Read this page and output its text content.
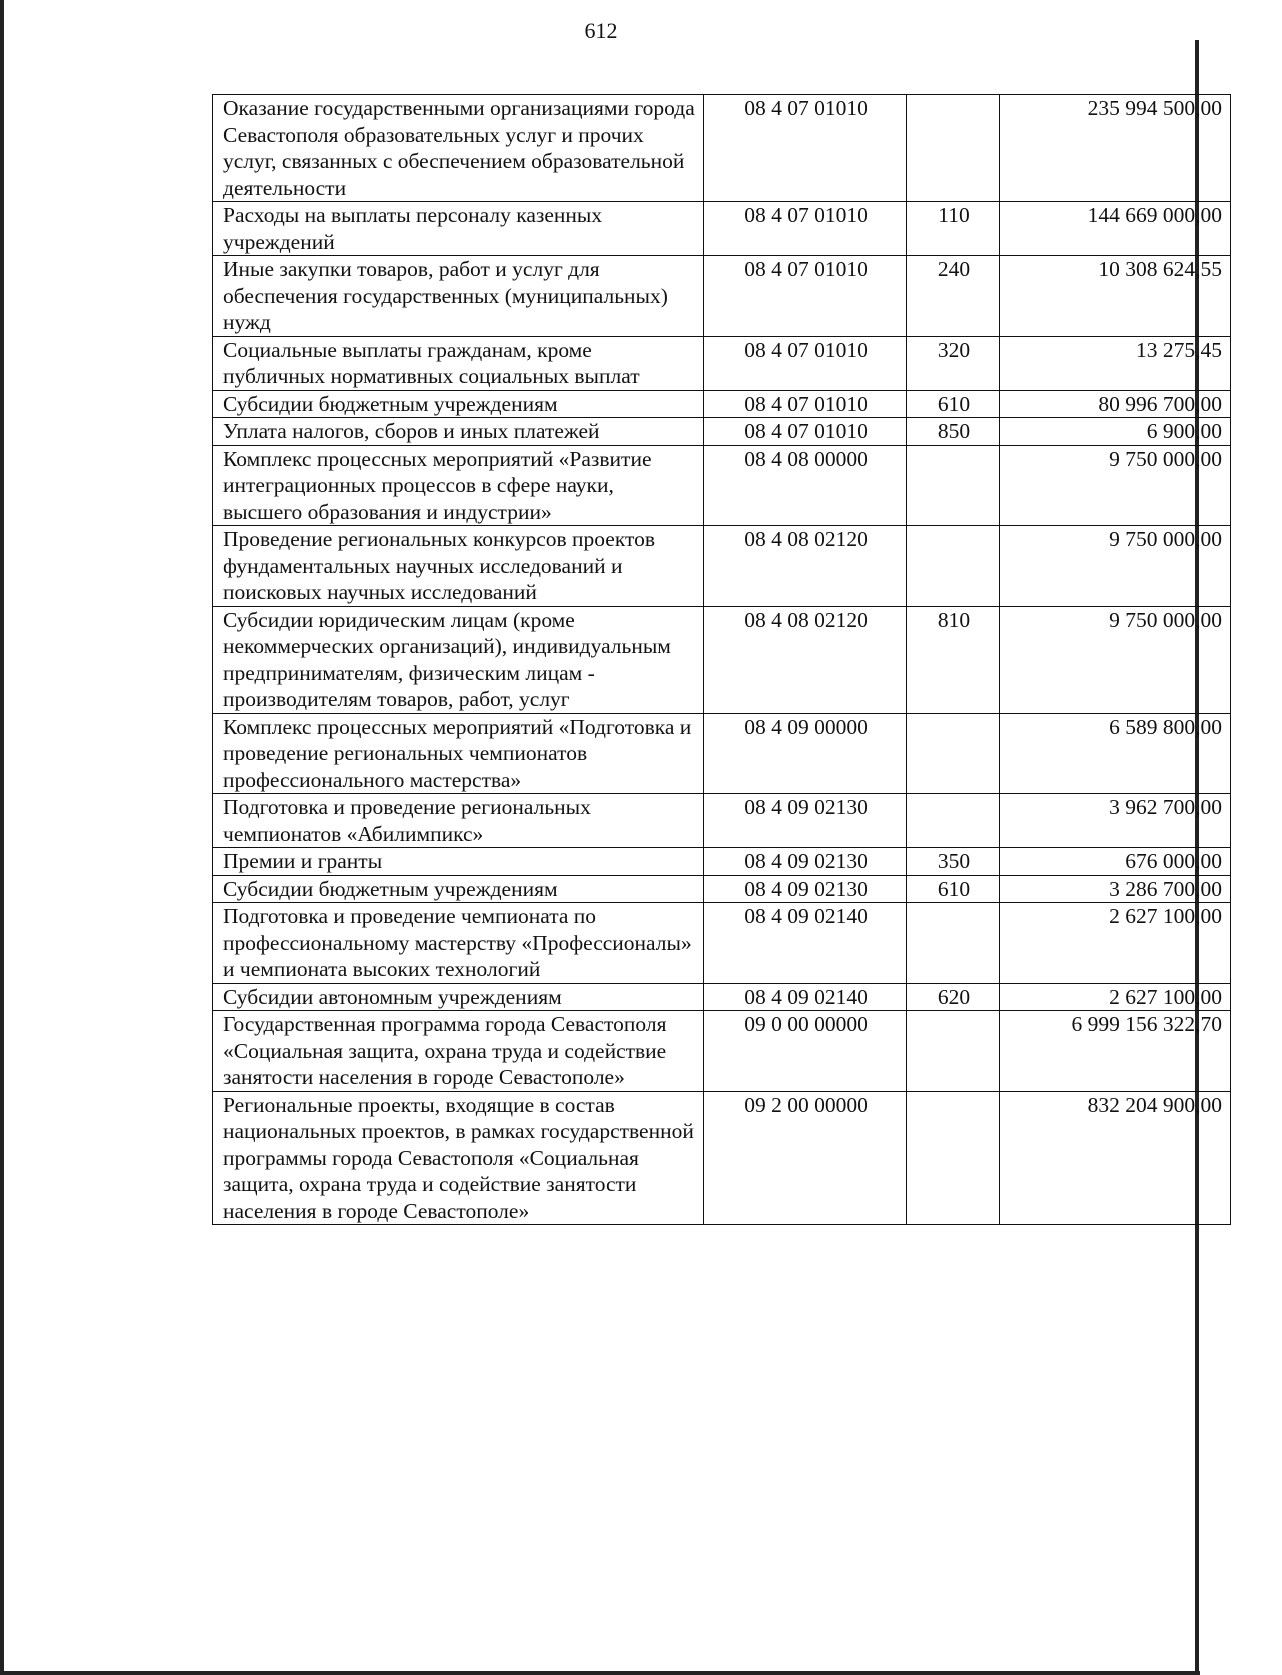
612
Оказание государственными организациями города Севастополя образовательных услуг и прочих услуг, связанных с обеспечением образовательной деятельности	08 4 07 01010		235 994 500,00
Расходы на выплаты персоналу казенных учреждений	08 4 07 01010	110	144 669 000,00
Иные закупки товаров, работ и услуг для обеспечения государственных (муниципальных) нужд	08 4 07 01010	240	10 308 624,55
Социальные выплаты гражданам, кроме публичных нормативных социальных выплат	08 4 07 01010	320	13 275,45
Субсидии бюджетным учреждениям	08 4 07 01010	610	80 996 700,00
Уплата налогов, сборов и иных платежей	08 4 07 01010	850	6 900,00
Комплекс процессных мероприятий «Развитие интеграционных процессов в сфере науки, высшего образования и индустрии»	08 4 08 00000		9 750 000,00
Проведение региональных конкурсов проектов фундаментальных научных исследований и поисковых научных исследований	08 4 08 02120		9 750 000,00
Субсидии юридическим лицам (кроме некоммерческих организаций), индивидуальным предпринимателям, физическим лицам - производителям товаров, работ, услуг	08 4 08 02120	810	9 750 000,00
Комплекс процессных мероприятий «Подготовка и проведение региональных чемпионатов профессионального мастерства»	08 4 09 00000		6 589 800,00
Подготовка и проведение региональных чемпионатов «Абилимпикс»	08 4 09 02130		3 962 700,00
Премии и гранты	08 4 09 02130	350	676 000,00
Субсидии бюджетным учреждениям	08 4 09 02130	610	3 286 700,00
Подготовка и проведение чемпионата по профессиональному мастерству «Профессионалы» и чемпионата высоких технологий	08 4 09 02140		2 627 100,00
Субсидии автономным учреждениям	08 4 09 02140	620	2 627 100,00
Государственная программа города Севастополя «Социальная защита, охрана труда и содействие занятости населения в городе Севастополе»	09 0 00 00000		6 999 156 322,70
Региональные проекты, входящие в состав национальных проектов, в рамках государственной программы города Севастополя «Социальная защита, охрана труда и содействие занятости населения в городе Севастополе»	09 2 00 00000		832 204 900,00
